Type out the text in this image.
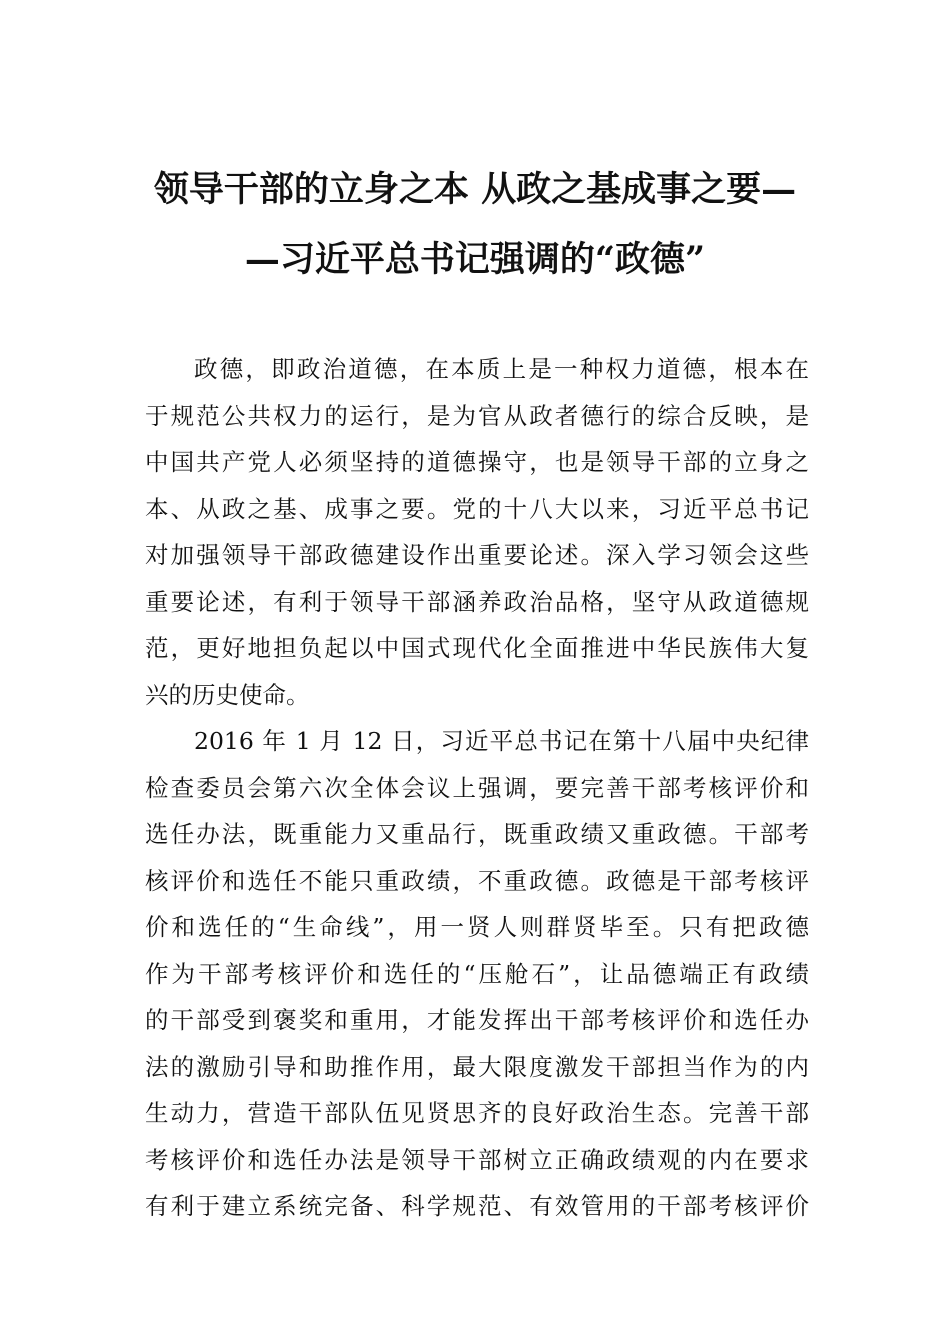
领导干部的立身之本 从政之基成事之要—
—习近平总书记强调的“政德”
政德，即政治道德，在本质上是一种权力道德，根本在
于规范公共权力的运行，是为官从政者德行的综合反映，是
中国共产党人必须坚持的道德操守，也是领导干部的立身之
本、从政之基、成事之要。党的十八大以来，习近平总书记
对加强领导干部政德建设作出重要论述。深入学习领会这些
重要论述，有利于领导干部涵养政治品格，坚守从政道德规
范，更好地担负起以中国式现代化全面推进中华民族伟大复
兴的历史使命。
2016 年 1 月 12 日，习近平总书记在第十八届中央纪律
检查委员会第六次全体会议上强调，要完善干部考核评价和
选任办法，既重能力又重品行，既重政绩又重政德。干部考
核评价和选任不能只重政绩，不重政德。政德是干部考核评
价和选任的“生命线”，用一贤人则群贤毕至。只有把政德
作为干部考核评价和选任的“压舱石”，让品德端正有政绩
的干部受到褒奖和重用，才能发挥出干部考核评价和选任办
法的激励引导和助推作用，最大限度激发干部担当作为的内
生动力，营造干部队伍见贤思齐的良好政治生态。完善干部
考核评价和选任办法是领导干部树立正确政绩观的内在要求
有利于建立系统完备、科学规范、有效管用的干部考核评价
